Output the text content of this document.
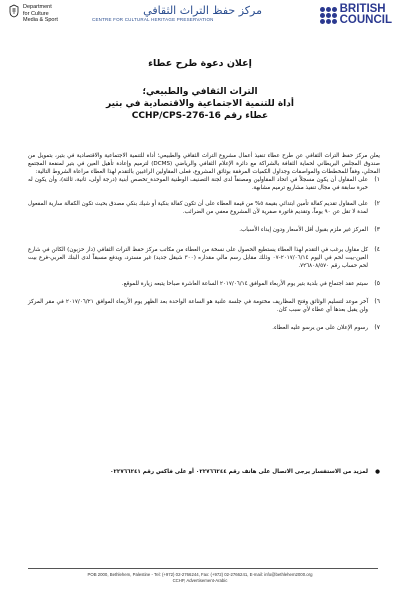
Department
for Culture
Media & Sport
مركز حفظ التراث الثقافي
CENTRE FOR CULTURAL HERITAGE PRESERVATION
BRITISH
COUNCIL
إعلان دعوة طرح عطاء
التراث الثقافي والطبيعي؛
أداة للتنمية الاجتماعية والاقتصادية في بتير
عطاء رقم CCHP/CPS-276-16

يعلن مركز حفظ التراث الثقافي عن طرح عطاء تنفيذ أعمال مشروع التراث الثقافي والطبيعي؛ أداة للتنمية الاجتماعية والاقتصادية في بتير، بتمويل من صندوق المجلس البريطاني لحماية الثقافة بالشراكة مع دائرة الإعلام الثقافي والرياضي (DCMS) لترميم وإعادة تأهيل العين في بتير لمنفعة المجتمع المحلي، وفقاً للمخططات والمواصفات وجداول الكميات المرفقة بوثائق المشروع، فعلى المقاولين الراغبين بالتقدم لهذا العطاء مراعاة الشروط التالية:

١)
على المقاول أن يكون مسجلاً في اتحاد المقاولين ومصنفاً لدى لجنة التصنيف الوطنية الموحدة_تخصص أبنية (درجة أولى، ثانية، ثالثة)، وأن يكون له خبرة سابقة في مجال تنفيذ مشاريع ترميم مشابهة.
٢)
على المقاول تقديم كفالة تأمين ابتدائي بقيمة ٥% من قيمة العطاء على أن تكون كفالة بنكية أو شيك بنكي مصدق بحيث تكون الكفالة سارية المفعول لمدة لا تقل عن ٩٠ يوماً، وتقديم فاتورة صفرية لأن المشروع معفي من الضرائب.
٣)
المركز غير ملزم بقبول أقل الأسعار ودون إبداء الأسباب.
٤)
كل مقاول يرغب في التقدم لهذا العطاء يستطيع الحصول على نسخة من العطاء من مكاتب مركز حفظ التراث الثقافي (دار حزبون) الكائن في شارع العين-بيت لحم في اليوم ٢٠١٧/٠٦/١٤-٠٧ وذلك مقابل رسم مالي مقداره (٣٠٠ شيقل جديد) غير مسترد، ويدفع مسبقاً لدى البنك العربي-فرع بيت لحم حساب رقم ٧٢٦٨٠٨/٥٧٠.
٥)
سيتم عقد اجتماع في بلدية بتير يوم الأربعاء الموافق ٢٠١٧/٠٦/١٤ الساعة العاشرة صباحا يتبعه زيارة للموقع.
٦)
آخر موعد لتسليم الوثائق وفتح المظاريف مختومة في جلسة علنية هو الساعة الواحدة بعد الظهر يوم الأربعاء الموافق ٢٠١٧/٠٦/٢١ في مقر المركز ولن يقبل بعدها أي عطاء لأي سبب كان.
٧)
رسوم الإعلان على من يرسو عليه العطاء.
●
لمزيد من الاستفسار يرجى الاتصال على هاتف رقم ٠٢٢٧٦٦٢٤٤ أو على فاكس رقم ٠٢٢٧٦٦٢٤١
POB 2000, Bethlehem, Palestine - Tel: (+972) 02-2766244, Fax: (+972) 02-2766241, E-mail: info@bethlehem2000.org
CCHP, Advertisement-Arabic
